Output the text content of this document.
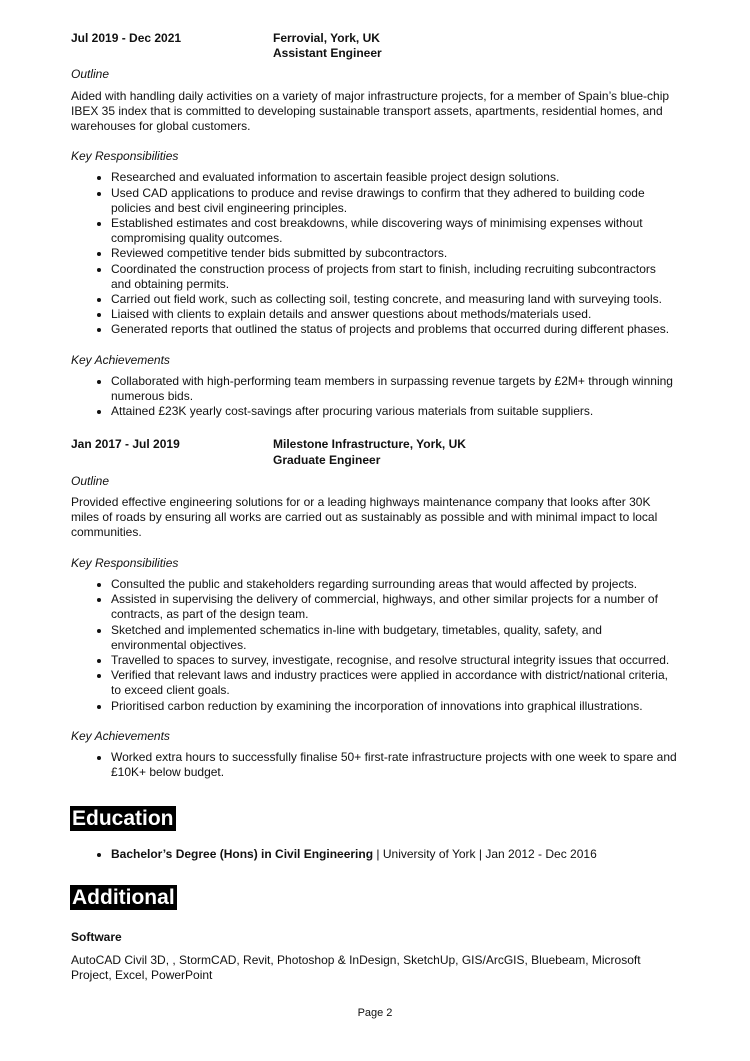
Jul 2019 - Dec 2021	Ferrovial, York, UK
Assistant Engineer
Outline

Aided with handling daily activities on a variety of major infrastructure projects, for a member of Spain’s blue-chip IBEX 35 index that is committed to developing sustainable transport assets, apartments, residential homes, and warehouses for global customers.

Key Responsibilities
• Researched and evaluated information to ascertain feasible project design solutions.
• Used CAD applications to produce and revise drawings to confirm that they adhered to building code policies and best civil engineering principles.
• Established estimates and cost breakdowns, while discovering ways of minimising expenses without compromising quality outcomes.
• Reviewed competitive tender bids submitted by subcontractors.
• Coordinated the construction process of projects from start to finish, including recruiting subcontractors and obtaining permits.
• Carried out field work, such as collecting soil, testing concrete, and measuring land with surveying tools.
• Liaised with clients to explain details and answer questions about methods/materials used.
• Generated reports that outlined the status of projects and problems that occurred during different phases.
Key Achievements
• Collaborated with high-performing team members in surpassing revenue targets by £2M+ through winning numerous bids.
• Attained £23K yearly cost-savings after procuring various materials from suitable suppliers.
Jan 2017 - Jul 2019	Milestone Infrastructure, York, UK
Graduate Engineer
Outline

Provided effective engineering solutions for or a leading highways maintenance company that looks after 30K miles of roads by ensuring all works are carried out as sustainably as possible and with minimal impact to local communities.

Key Responsibilities
• Consulted the public and stakeholders regarding surrounding areas that would affected by projects.
• Assisted in supervising the delivery of commercial, highways, and other similar projects for a number of contracts, as part of the design team.
• Sketched and implemented schematics in-line with budgetary, timetables, quality, safety, and environmental objectives.
• Travelled to spaces to survey, investigate, recognise, and resolve structural integrity issues that occurred.
• Verified that relevant laws and industry practices were applied in accordance with district/national criteria, to exceed client goals.
• Prioritised carbon reduction by examining the incorporation of innovations into graphical illustrations.
Key Achievements
• Worked extra hours to successfully finalise 50+ first-rate infrastructure projects with one week to spare and £10K+ below budget.
Education
• Bachelor’s Degree (Hons) in Civil Engineering | University of York | Jan 2012 - Dec 2016
Additional
Software

AutoCAD Civil 3D, , StormCAD, Revit, Photoshop & InDesign, SketchUp, GIS/ArcGIS, Bluebeam, Microsoft Project, Excel, PowerPoint

Page 2
